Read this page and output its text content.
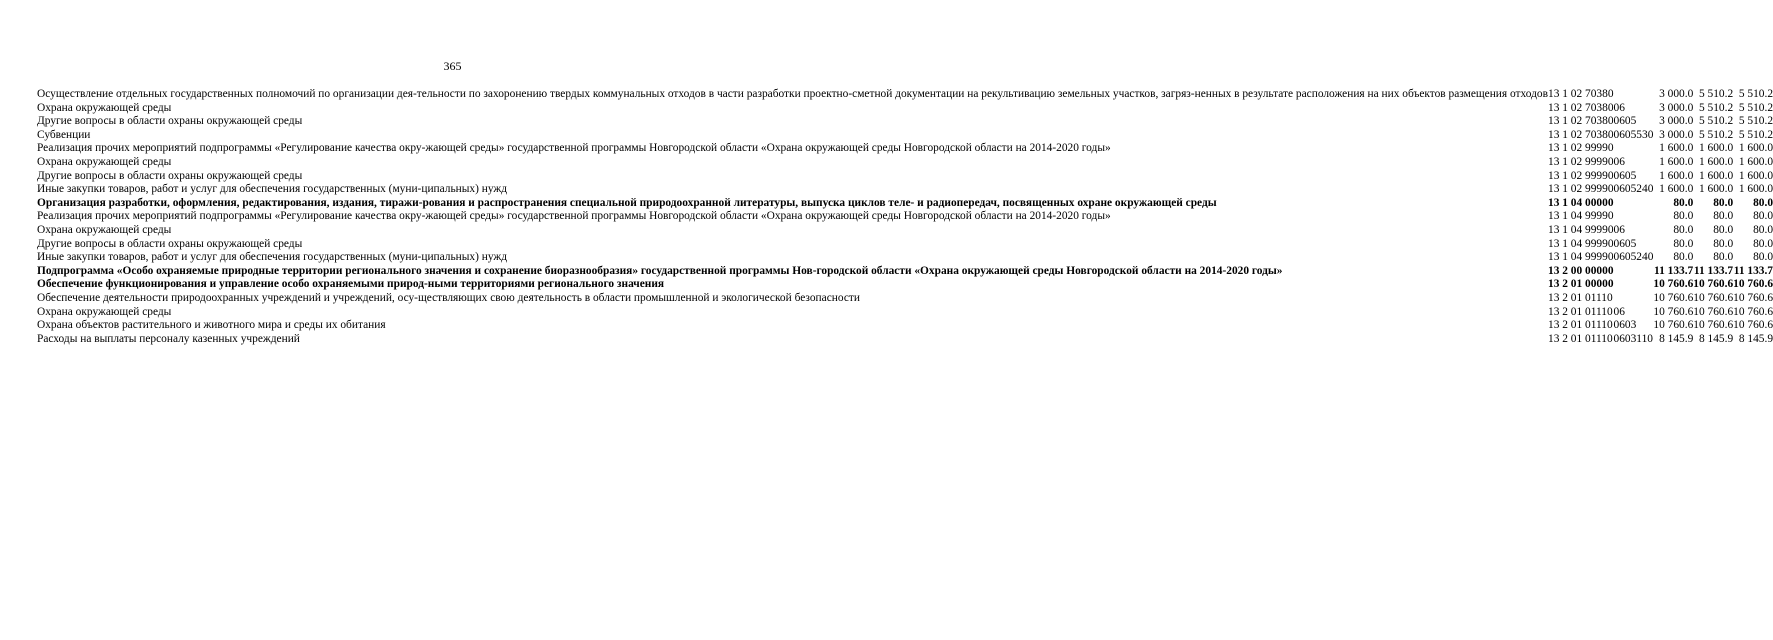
365
Осуществление отдельных государственных полномочий по организации дея-тельности по захоронению твердых коммунальных отходов в части разработки проектно-сметной документации на рекультивацию земельных участков, загряз-ненных в результате расположения на них объектов размещения отходов	13 1 02 70380				3 000.0	5 510.2	5 510.2
Охрана окружающей среды	13 1 02 70380	06			3 000.0	5 510.2	5 510.2
Другие вопросы в области охраны окружающей среды	13 1 02 70380	06	05		3 000.0	5 510.2	5 510.2
Субвенции	13 1 02 70380	06	05	530	3 000.0	5 510.2	5 510.2
Реализация прочих мероприятий подпрограммы «Регулирование качества окру-жающей среды» государственной программы Новгородской области «Охрана окружающей среды Новгородской области на 2014-2020 годы»	13 1 02 99990				1 600.0	1 600.0	1 600.0
Охрана окружающей среды	13 1 02 99990	06			1 600.0	1 600.0	1 600.0
Другие вопросы в области охраны окружающей среды	13 1 02 99990	06	05		1 600.0	1 600.0	1 600.0
Иные закупки товаров, работ и услуг для обеспечения государственных (муни-ципальных) нужд	13 1 02 99990	06	05	240	1 600.0	1 600.0	1 600.0
Организация разработки, оформления, редактирования, издания, тиражи-рования и распространения специальной природоохранной литературы, выпуска циклов теле- и радиопередач, посвященных охране окружающей среды	13 1 04 00000				80.0	80.0	80.0
Реализация прочих мероприятий подпрограммы «Регулирование качества окру-жающей среды» государственной программы Новгородской области «Охрана окружающей среды Новгородской области на 2014-2020 годы»	13 1 04 99990				80.0	80.0	80.0
Охрана окружающей среды	13 1 04 99990	06			80.0	80.0	80.0
Другие вопросы в области охраны окружающей среды	13 1 04 99990	06	05		80.0	80.0	80.0
Иные закупки товаров, работ и услуг для обеспечения государственных (муни-ципальных) нужд	13 1 04 99990	06	05	240	80.0	80.0	80.0
Подпрограмма «Особо охраняемые природные территории регионального значения и сохранение биоразнообразия» государственной программы Нов-городской области «Охрана окружающей среды Новгородской области на 2014-2020 годы»	13 2 00 00000				11 133.7	11 133.7	11 133.7
Обеспечение функционирования и управление особо охраняемыми природ-ными территориями регионального значения	13 2 01 00000				10 760.6	10 760.6	10 760.6
Обеспечение деятельности природоохранных учреждений и учреждений, осу-ществляющих свою деятельность в области промышленной и экологической безопасности	13 2 01 01110				10 760.6	10 760.6	10 760.6
Охрана окружающей среды	13 2 01 01110	06			10 760.6	10 760.6	10 760.6
Охрана объектов растительного и животного мира и среды их обитания	13 2 01 01110	06	03		10 760.6	10 760.6	10 760.6
Расходы на выплаты персоналу казенных учреждений	13 2 01 01110	06	03	110	8 145.9	8 145.9	8 145.9
